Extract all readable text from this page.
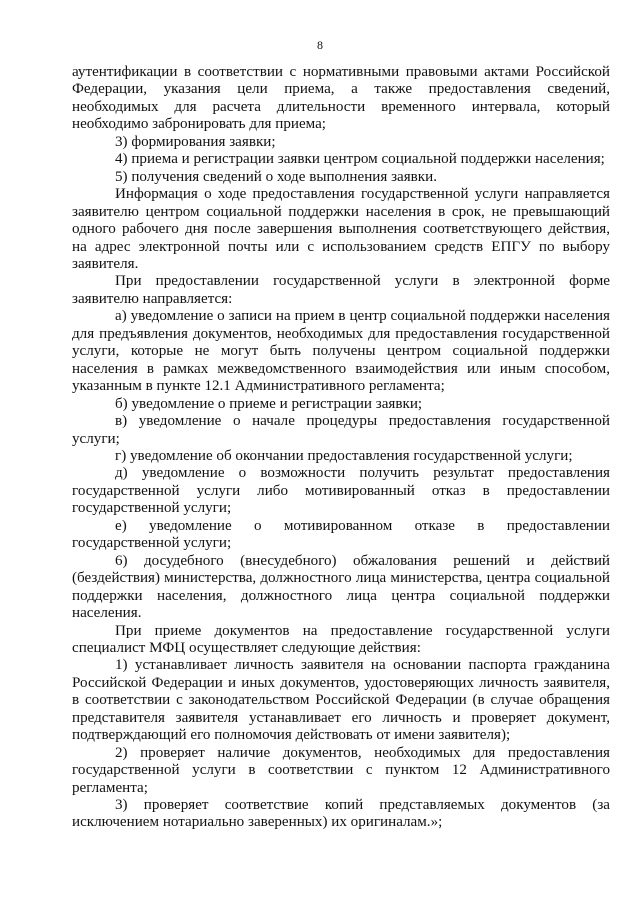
8

аутентификации в соответствии с нормативными правовыми актами Российской Федерации, указания цели приема, а также предоставления сведений, необходимых для расчета длительности временного интервала, который необходимо забронировать для приема;

3) формирования заявки;

4) приема и регистрации заявки центром социальной поддержки населения;

5) получения сведений о ходе выполнения заявки.

Информация о ходе предоставления государственной услуги направляется заявителю центром социальной поддержки населения в срок, не превышающий одного рабочего дня после завершения выполнения соответствующего действия, на адрес электронной почты или с использованием средств ЕПГУ по выбору заявителя.

При предоставлении государственной услуги в электронной форме заявителю направляется:

а) уведомление о записи на прием в центр социальной поддержки населения для предъявления документов, необходимых для предоставления государственной услуги, которые не могут быть получены центром социальной поддержки населения в рамках межведомственного взаимодействия или иным способом, указанным в пункте 12.1 Административного регламента;

б) уведомление о приеме и регистрации заявки;

в) уведомление о начале процедуры предоставления государственной услуги;

г) уведомление об окончании предоставления государственной услуги;

д) уведомление о возможности получить результат предоставления государственной услуги либо мотивированный отказ в предоставлении государственной услуги;

е) уведомление о мотивированном отказе в предоставлении государственной услуги;

6) досудебного (внесудебного) обжалования решений и действий (бездействия) министерства, должностного лица министерства, центра социальной поддержки населения, должностного лица центра социальной поддержки населения.

При приеме документов на предоставление государственной услуги специалист МФЦ осуществляет следующие действия:

1) устанавливает личность заявителя на основании паспорта гражданина Российской Федерации и иных документов, удостоверяющих личность заявителя, в соответствии с законодательством Российской Федерации (в случае обращения представителя заявителя устанавливает его личность и проверяет документ, подтверждающий его полномочия действовать от имени заявителя);

2) проверяет наличие документов, необходимых для предоставления государственной услуги в соответствии с пунктом 12 Административного регламента;

3) проверяет соответствие копий представляемых документов (за исключением нотариально заверенных) их оригиналам.»;
